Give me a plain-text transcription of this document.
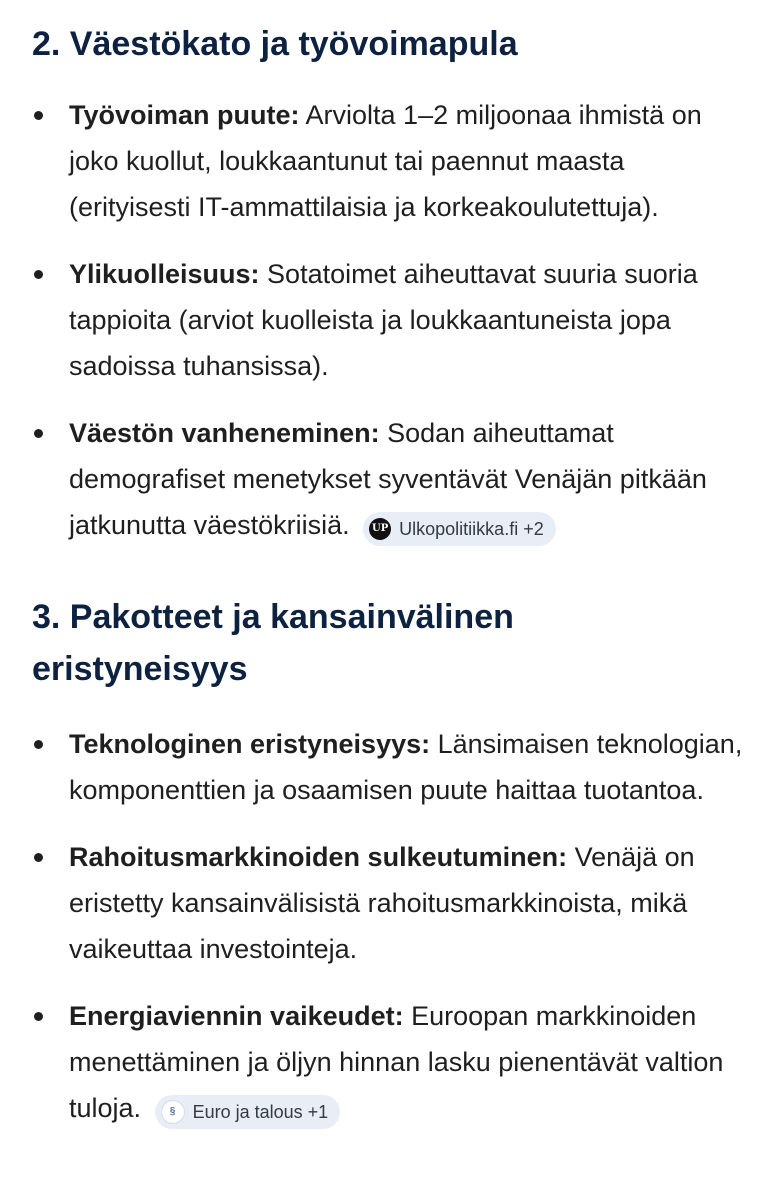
2. Väestökato ja työvoimapula
Työvoiman puute: Arviolta 1–2 miljoonaa ihmistä on joko kuollut, loukkaantunut tai paennut maasta (erityisesti IT-ammattilaisia ja korkeakoulutettuja).
Ylikuolleisuus: Sotatoimet aiheuttavat suuria suoria tappioita (arviot kuolleista ja loukkaantuneista jopa sadoissa tuhansissa).
Väestön vanheneminen: Sodan aiheuttamat demografiset menetykset syventävät Venäjän pitkään jatkunutta väestökriisiä. UP Ulkopolitiikka.fi +2
3. Pakotteet ja kansainvälinen eristyneisyys
Teknologinen eristyneisyys: Länsimaisen teknologian, komponenttien ja osaamisen puute haittaa tuotantoa.
Rahoitusmarkkinoiden sulkeutuminen: Venäjä on eristetty kansainvälisistä rahoitusmarkkinoista, mikä vaikeuttaa investointeja.
Energiaviennin vaikeudet: Euroopan markkinoiden menettäminen ja öljyn hinnan lasku pienentävät valtion tuloja.	§ Euro ja talous +1
